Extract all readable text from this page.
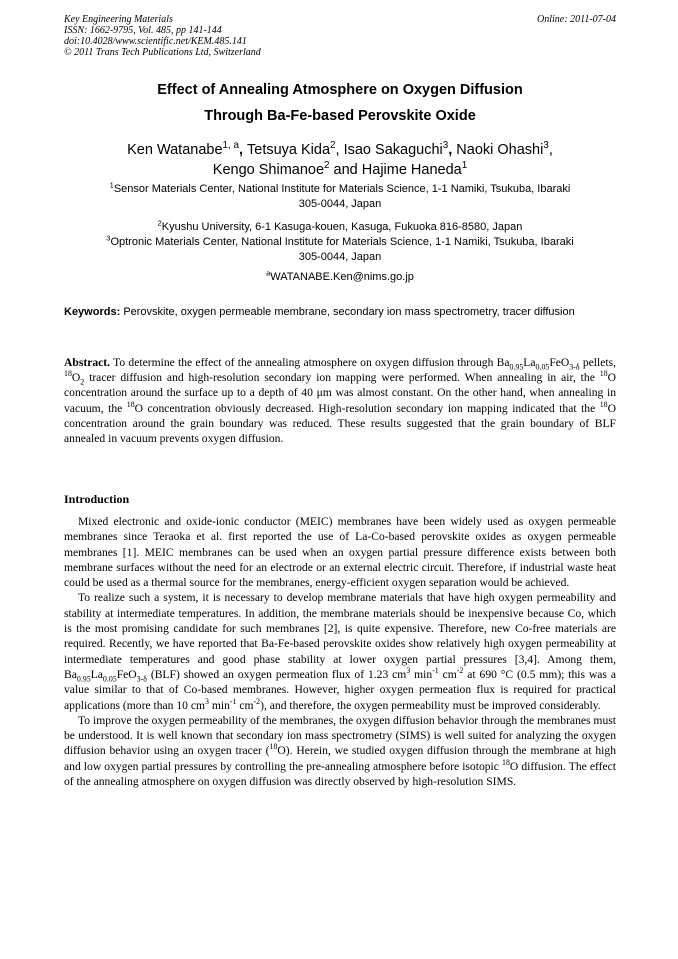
Key Engineering Materials
ISSN: 1662-9795, Vol. 485, pp 141-144
doi:10.4028/www.scientific.net/KEM.485.141
© 2011 Trans Tech Publications Ltd, Switzerland
Online: 2011-07-04
Effect of Annealing Atmosphere on Oxygen Diffusion
Through Ba-Fe-based Perovskite Oxide
Ken Watanabe$^{1, a}$, Tetsuya Kida$^2$, Isao Sakaguchi$^3$, Naoki Ohashi$^3$,
Kengo Shimanoe$^2$ and Hajime Haneda$^1$
$^1$Sensor Materials Center, National Institute for Materials Science, 1-1 Namiki, Tsukuba, Ibaraki
305-0044, Japan
$^2$Kyushu University, 6-1 Kasuga-kouen, Kasuga, Fukuoka 816-8580, Japan
$^3$Optronic Materials Center, National Institute for Materials Science, 1-1 Namiki, Tsukuba, Ibaraki
305-0044, Japan
$^a$WATANABE.Ken@nims.go.jp
Keywords: Perovskite, oxygen permeable membrane, secondary ion mass spectrometry, tracer diffusion
Abstract. To determine the effect of the annealing atmosphere on oxygen diffusion through $Ba_{0.95}La_{0.05}FeO_{3-\delta}$ pellets, $^{18}O_2$ tracer diffusion and high-resolution secondary ion mapping were performed. When annealing in air, the $^{18}$O concentration around the surface up to a depth of 40 μm was almost constant. On the other hand, when annealing in vacuum, the $^{18}$O concentration obviously decreased. High-resolution secondary ion mapping indicated that the $^{18}$O concentration around the grain boundary was reduced. These results suggested that the grain boundary of BLF annealed in vacuum prevents oxygen diffusion.
Introduction

Mixed electronic and oxide-ionic conductor (MEIC) membranes have been widely used as oxygen permeable membranes since Teraoka et al. first reported the use of La-Co-based perovskite oxides as oxygen permeable membranes [1]. MEIC membranes can be used when an oxygen partial pressure difference exists between both membrane surfaces without the need for an electrode or an external electric circuit. Therefore, if industrial waste heat could be used as a thermal source for the membranes, energy-efficient oxygen separation would be achieved.

To realize such a system, it is necessary to develop membrane materials that have high oxygen permeability and stability at intermediate temperatures. In addition, the membrane materials should be inexpensive because Co, which is the most promising candidate for such membranes [2], is quite expensive. Therefore, new Co-free materials are required. Recently, we have reported that Ba-Fe-based perovskite oxides show relatively high oxygen permeability at intermediate temperatures and good phase stability at lower oxygen partial pressures [3,4]. Among them, $Ba_{0.95}La_{0.05}FeO_{3-\delta}$ (BLF) showed an oxygen permeation flux of 1.23 $cm^3$ $\min^{-1} cm^{-2}$ at 690 °C (0.5 mm); this was a value similar to that of Co-based membranes. However, higher oxygen permeation flux is required for practical applications (more than 10 $cm^3$ $\min^{-1} cm^{-2}$), and therefore, the oxygen permeability must be improved considerably.

To improve the oxygen permeability of the membranes, the oxygen diffusion behavior through the membranes must be understood. It is well known that secondary ion mass spectrometry (SIMS) is well suited for analyzing the oxygen diffusion behavior using an oxygen tracer ($^{18}$O). Herein, we studied oxygen diffusion through the membrane at high and low oxygen partial pressures by controlling the pre-annealing atmosphere before isotopic $^{18}$O diffusion. The effect of the annealing atmosphere on oxygen diffusion was directly observed by high-resolution SIMS.
